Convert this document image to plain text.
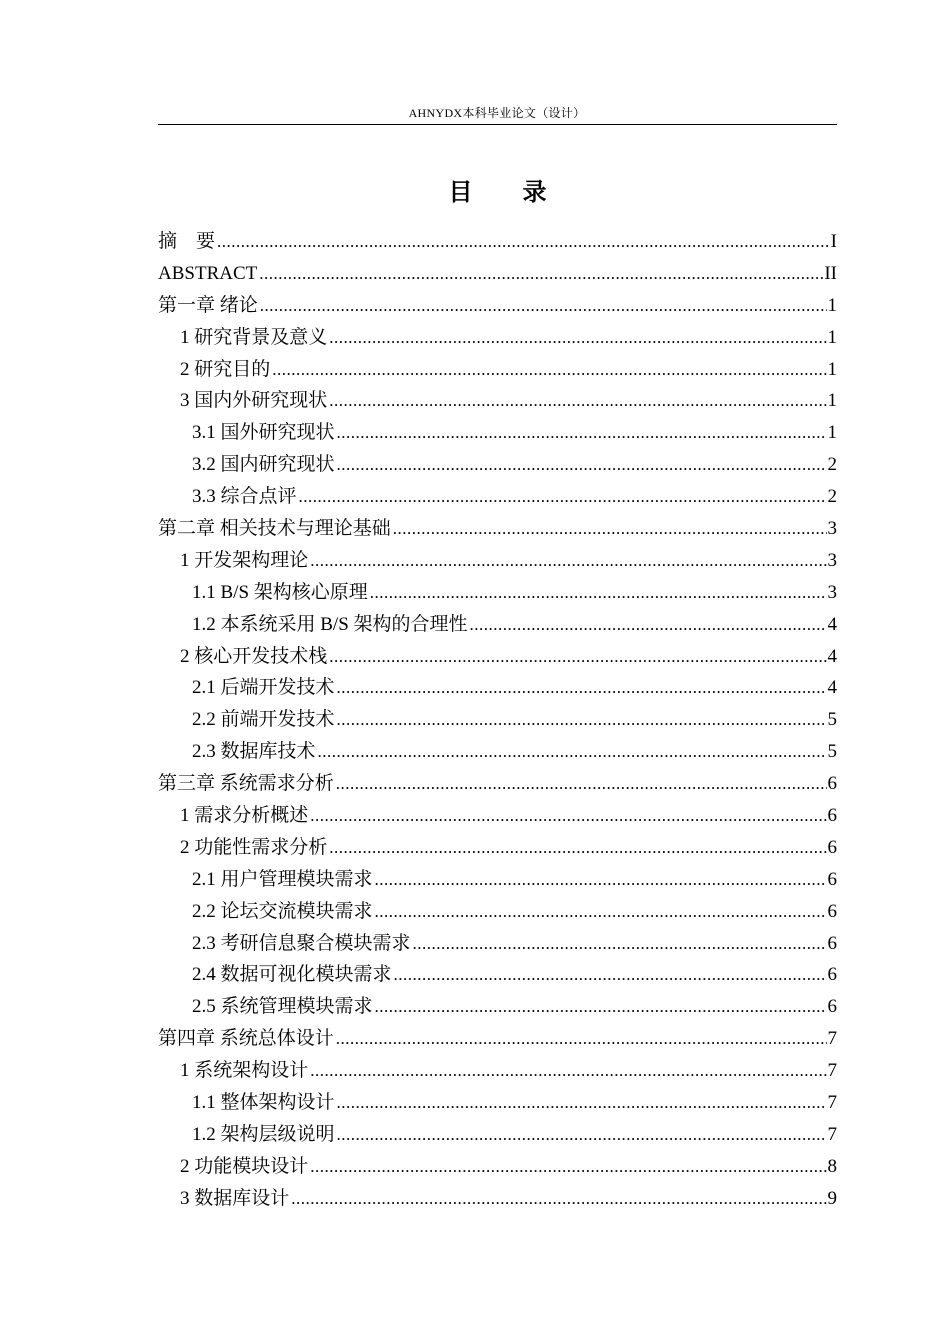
AHNYDX本科毕业论文（设计）
目 录
摘　要 .....	I
ABSTRACT .....	II
第一章 绪论 .....	1
1 研究背景及意义 .....	1
2 研究目的 .....	1
3 国内外研究现状 .....	1
3.1 国外研究现状 .....	1
3.2 国内研究现状 .....	2
3.3 综合点评 .....	2
第二章 相关技术与理论基础 .....	3
1 开发架构理论 .....	3
1.1 B/S 架构核心原理 .....	3
1.2 本系统采用 B/S 架构的合理性 .....	4
2 核心开发技术栈 .....	4
2.1 后端开发技术 .....	4
2.2 前端开发技术 .....	5
2.3 数据库技术 .....	5
第三章 系统需求分析 .....	6
1 需求分析概述 .....	6
2 功能性需求分析 .....	6
2.1 用户管理模块需求 .....	6
2.2 论坛交流模块需求 .....	6
2.3 考研信息聚合模块需求 .....	6
2.4 数据可视化模块需求 .....	6
2.5 系统管理模块需求 .....	6
第四章 系统总体设计 .....	7
1 系统架构设计 .....	7
1.1 整体架构设计 .....	7
1.2 架构层级说明 .....	7
2 功能模块设计 .....	8
3 数据库设计 .....	9
